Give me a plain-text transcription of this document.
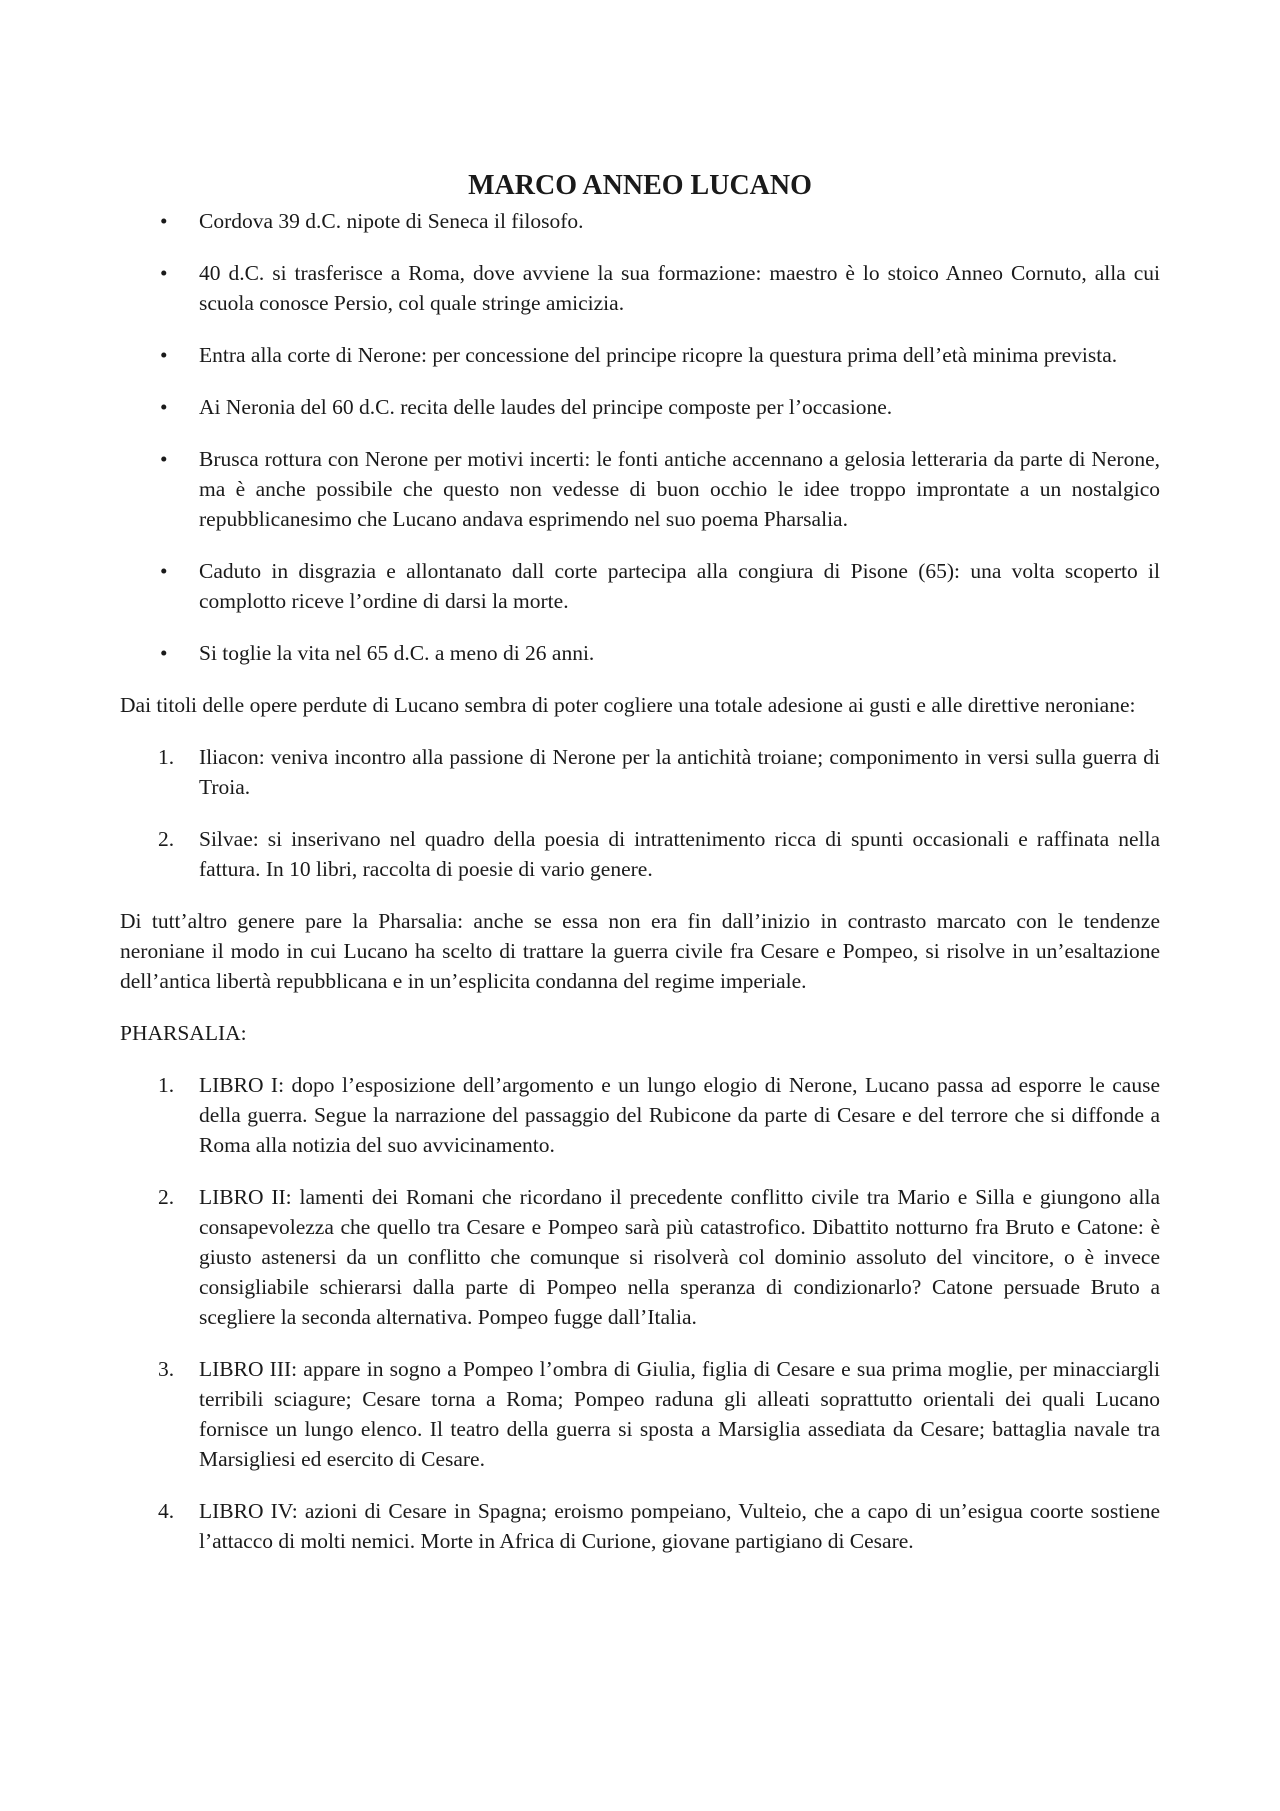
MARCO ANNEO LUCANO
• Cordova 39 d.C. nipote di Seneca il filosofo.
• 40 d.C. si trasferisce a Roma, dove avviene la sua formazione: maestro è lo stoico Anneo Cornuto, alla cui scuola conosce Persio, col quale stringe amicizia.
• Entra alla corte di Nerone: per concessione del principe ricopre la questura prima dell’età minima prevista.
• Ai Neronia del 60 d.C. recita delle laudes del principe composte per l’occasione.
• Brusca rottura con Nerone per motivi incerti: le fonti antiche accennano a gelosia letteraria da parte di Nerone, ma è anche possibile che questo non vedesse di buon occhio le idee troppo improntate a un nostalgico repubblicanesimo che Lucano andava esprimendo nel suo poema Pharsalia.
• Caduto in disgrazia e allontanato dall corte partecipa alla congiura di Pisone (65): una volta scoperto il complotto riceve l’ordine di darsi la morte.
• Si toglie la vita nel 65 d.C. a meno di 26 anni.

Dai titoli delle opere perdute di Lucano sembra di poter cogliere una totale adesione ai gusti e alle direttive neroniane:

1. Iliacon: veniva incontro alla passione di Nerone per la antichità troiane; componimento in versi sulla guerra di Troia.
2. Silvae: si inserivano nel quadro della poesia di intrattenimento ricca di spunti occasionali e raffinata nella fattura. In 10 libri, raccolta di poesie di vario genere.

Di tutt’altro genere pare la Pharsalia: anche se essa non era fin dall’inizio in contrasto marcato con le tendenze neroniane il modo in cui Lucano ha scelto di trattare la guerra civile fra Cesare e Pompeo, si risolve in un’esaltazione dell’antica libertà repubblicana e in un’esplicita condanna del regime imperiale.

PHARSALIA:

1. LIBRO I: dopo l’esposizione dell’argomento e un lungo elogio di Nerone, Lucano passa ad esporre le cause della guerra. Segue la narrazione del passaggio del Rubicone da parte di Cesare e del terrore che si diffonde a Roma alla notizia del suo avvicinamento.
2. LIBRO II: lamenti dei Romani che ricordano il precedente conflitto civile tra Mario e Silla e giungono alla consapevolezza che quello tra Cesare e Pompeo sarà più catastrofico. Dibattito notturno fra Bruto e Catone: è giusto astenersi da un conflitto che comunque si risolverà col dominio assoluto del vincitore, o è invece consigliabile schierarsi dalla parte di Pompeo nella speranza di condizionarlo? Catone persuade Bruto a scegliere la seconda alternativa. Pompeo fugge dall’Italia.
3. LIBRO III: appare in sogno a Pompeo l’ombra di Giulia, figlia di Cesare e sua prima moglie, per minacciargli terribili sciagure; Cesare torna a Roma; Pompeo raduna gli alleati soprattutto orientali dei quali Lucano fornisce un lungo elenco. Il teatro della guerra si sposta a Marsiglia assediata da Cesare; battaglia navale tra Marsigliesi ed esercito di Cesare.
4. LIBRO IV: azioni di Cesare in Spagna; eroismo pompeiano, Vulteio, che a capo di un’esigua coorte sostiene l’attacco di molti nemici. Morte in Africa di Curione, giovane partigiano di Cesare.
